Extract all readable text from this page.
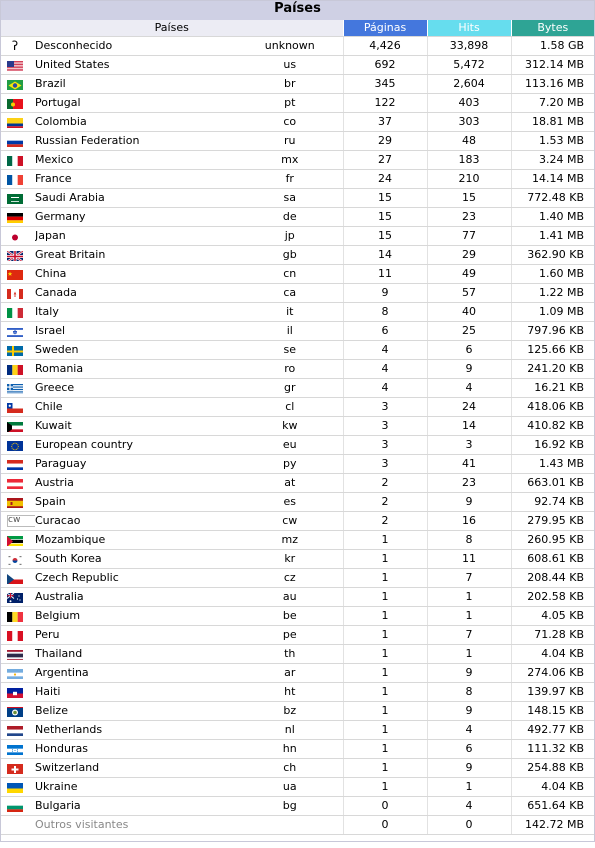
Países
Países			Páginas	Hits	Bytes
ʔ	Desconhecido	unknown	4,426	33,898	1.58 GB
	United States	us	692	5,472	312.14 MB
	Brazil	br	345	2,604	113.16 MB
	Portugal	pt	122	403	7.20 MB
	Colombia	co	37	303	18.81 MB
	Russian Federation	ru	29	48	1.53 MB
	Mexico	mx	27	183	3.24 MB
	France	fr	24	210	14.14 MB
	Saudi Arabia	sa	15	15	772.48 KB
	Germany	de	15	23	1.40 MB
	Japan	jp	15	77	1.41 MB
	Great Britain	gb	14	29	362.90 KB
	China	cn	11	49	1.60 MB
	Canada	ca	9	57	1.22 MB
	Italy	it	8	40	1.09 MB
	Israel	il	6	25	797.96 KB
	Sweden	se	4	6	125.66 KB
	Romania	ro	4	9	241.20 KB
	Greece	gr	4	4	16.21 KB
	Chile	cl	3	24	418.06 KB
	Kuwait	kw	3	14	410.82 KB
	European country	eu	3	3	16.92 KB
	Paraguay	py	3	41	1.43 MB
	Austria	at	2	23	663.01 KB
	Spain	es	2	9	92.74 KB
cw	Curacao	cw	2	16	279.95 KB
	Mozambique	mz	1	8	260.95 KB
	South Korea	kr	1	11	608.61 KB
	Czech Republic	cz	1	7	208.44 KB
	Australia	au	1	1	202.58 KB
	Belgium	be	1	1	4.05 KB
	Peru	pe	1	7	71.28 KB
	Thailand	th	1	1	4.04 KB
	Argentina	ar	1	9	274.06 KB
	Haiti	ht	1	8	139.97 KB
	Belize	bz	1	9	148.15 KB
	Netherlands	nl	1	4	492.77 KB
	Honduras	hn	1	6	111.32 KB
	Switzerland	ch	1	9	254.88 KB
	Ukraine	ua	1	1	4.04 KB
	Bulgaria	bg	0	4	651.64 KB
	Outros visitantes		0	0	142.72 MB
